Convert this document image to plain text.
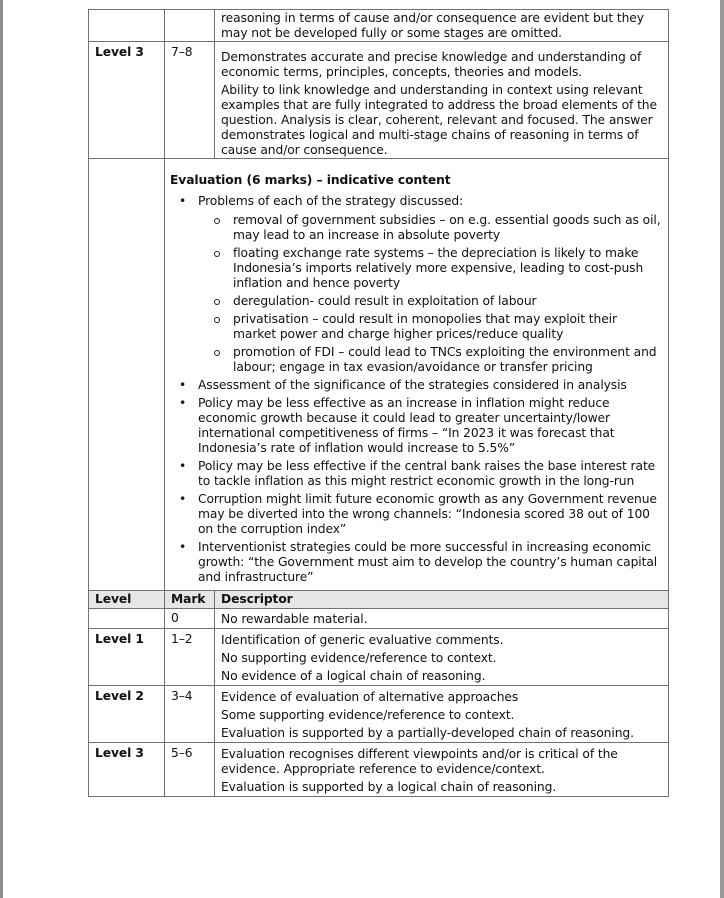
		reasoning in terms of cause and/or consequence are evident but they may not be developed fully or some stages are omitted.

Level 3	7–8	Demonstrates accurate and precise knowledge and understanding of economic terms, principles, concepts, theories and models.

Ability to link knowledge and understanding in context using relevant examples that are fully integrated to address the broad elements of the question. Analysis is clear, coherent, relevant and focused. The answer demonstrates logical and multi-stage chains of reasoning in terms of cause and/or consequence.

Evaluation (6 marks) – indicative content
• Problems of each of the strategy discussed:
removal of government subsidies – on e.g. essential goods such as oil, may lead to an increase in absolute poverty
floating exchange rate systems – the depreciation is likely to make Indonesia’s imports relatively more expensive, leading to cost-push inflation and hence poverty
deregulation- could result in exploitation of labour
privatisation – could result in monopolies that may exploit their market power and charge higher prices/reduce quality
promotion of FDI – could lead to TNCs exploiting the environment and labour; engage in tax evasion/avoidance or transfer pricing
• Assessment of the significance of the strategies considered in analysis
• Policy may be less effective as an increase in inflation might reduce economic growth because it could lead to greater uncertainty/lower international competitiveness of firms – “In 2023 it was forecast that Indonesia’s rate of inflation would increase to 5.5%”
• Policy may be less effective if the central bank raises the base interest rate to tackle inflation as this might restrict economic growth in the long-run
• Corruption might limit future economic growth as any Government revenue may be diverted into the wrong channels: “Indonesia scored 38 out of 100 on the corruption index”
• Interventionist strategies could be more successful in increasing economic growth: “the Government must aim to develop the country’s human capital and infrastructure”

Level	Mark	Descriptor

	0	No rewardable material.

Level 1	1–2	Identification of generic evaluative comments.

No supporting evidence/reference to context.

No evidence of a logical chain of reasoning.

Level 2	3–4	Evidence of evaluation of alternative approaches

Some supporting evidence/reference to context.

Evaluation is supported by a partially-developed chain of reasoning.

Level 3	5–6	Evaluation recognises different viewpoints and/or is critical of the evidence. Appropriate reference to evidence/context.

Evaluation is supported by a logical chain of reasoning.
